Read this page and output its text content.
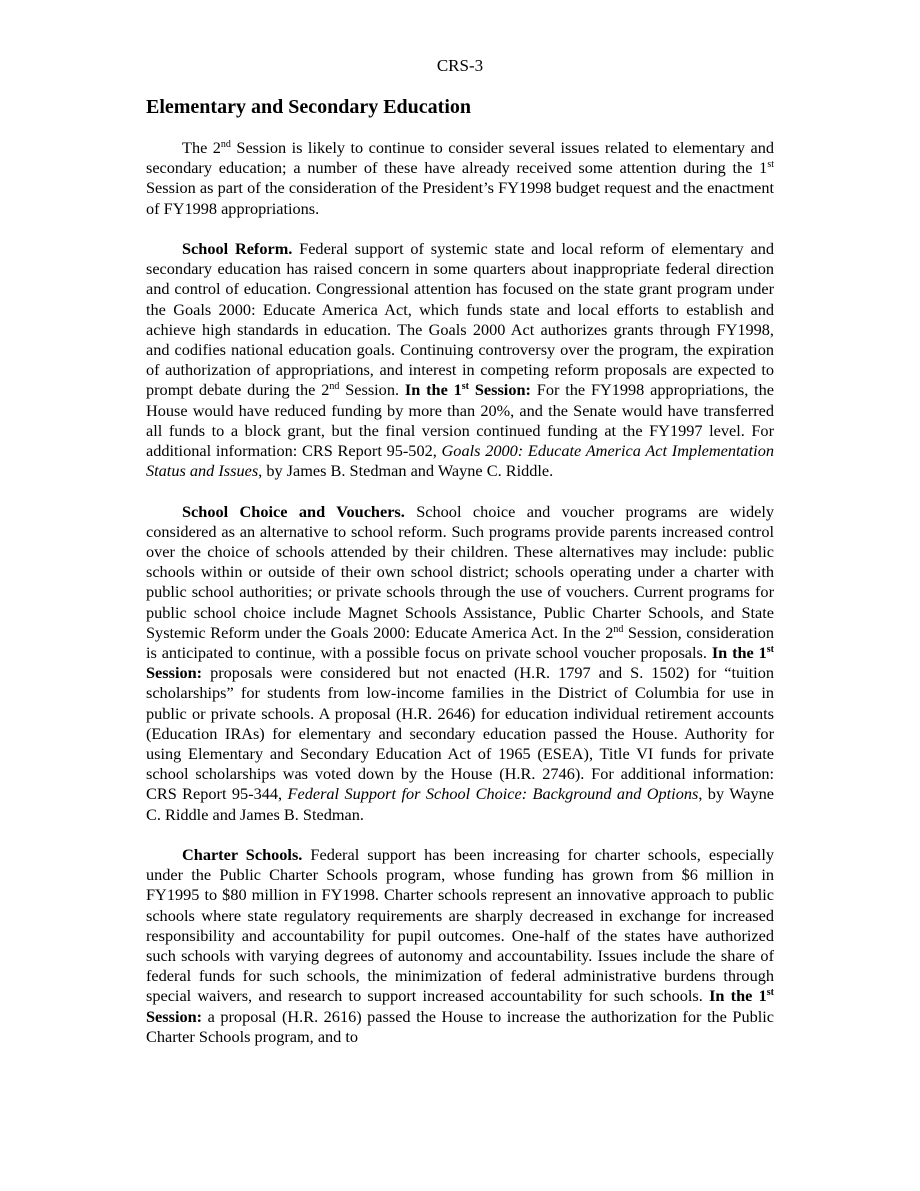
CRS-3
Elementary and Secondary Education

The 2nd Session is likely to continue to consider several issues related to elementary and secondary education; a number of these have already received some attention during the 1st Session as part of the consideration of the President’s FY1998 budget request and the enactment of FY1998 appropriations.

School Reform. Federal support of systemic state and local reform of elementary and secondary education has raised concern in some quarters about inappropriate federal direction and control of education. Congressional attention has focused on the state grant program under the Goals 2000: Educate America Act, which funds state and local efforts to establish and achieve high standards in education. The Goals 2000 Act authorizes grants through FY1998, and codifies national education goals. Continuing controversy over the program, the expiration of authorization of appropriations, and interest in competing reform proposals are expected to prompt debate during the 2nd Session. In the 1st Session: For the FY1998 appropriations, the House would have reduced funding by more than 20%, and the Senate would have transferred all funds to a block grant, but the final version continued funding at the FY1997 level. For additional information: CRS Report 95-502, Goals 2000: Educate America Act Implementation Status and Issues, by James B. Stedman and Wayne C. Riddle.

School Choice and Vouchers. School choice and voucher programs are widely considered as an alternative to school reform. Such programs provide parents increased control over the choice of schools attended by their children. These alternatives may include: public schools within or outside of their own school district; schools operating under a charter with public school authorities; or private schools through the use of vouchers. Current programs for public school choice include Magnet Schools Assistance, Public Charter Schools, and State Systemic Reform under the Goals 2000: Educate America Act. In the 2nd Session, consideration is anticipated to continue, with a possible focus on private school voucher proposals. In the 1st Session: proposals were considered but not enacted (H.R. 1797 and S. 1502) for “tuition scholarships” for students from low-income families in the District of Columbia for use in public or private schools. A proposal (H.R. 2646) for education individual retirement accounts (Education IRAs) for elementary and secondary education passed the House. Authority for using Elementary and Secondary Education Act of 1965 (ESEA), Title VI funds for private school scholarships was voted down by the House (H.R. 2746). For additional information: CRS Report 95-344, Federal Support for School Choice: Background and Options, by Wayne C. Riddle and James B. Stedman.

Charter Schools. Federal support has been increasing for charter schools, especially under the Public Charter Schools program, whose funding has grown from $6 million in FY1995 to $80 million in FY1998. Charter schools represent an innovative approach to public schools where state regulatory requirements are sharply decreased in exchange for increased responsibility and accountability for pupil outcomes. One-half of the states have authorized such schools with varying degrees of autonomy and accountability. Issues include the share of federal funds for such schools, the minimization of federal administrative burdens through special waivers, and research to support increased accountability for such schools. In the 1st Session: a proposal (H.R. 2616) passed the House to increase the authorization for the Public Charter Schools program, and to
